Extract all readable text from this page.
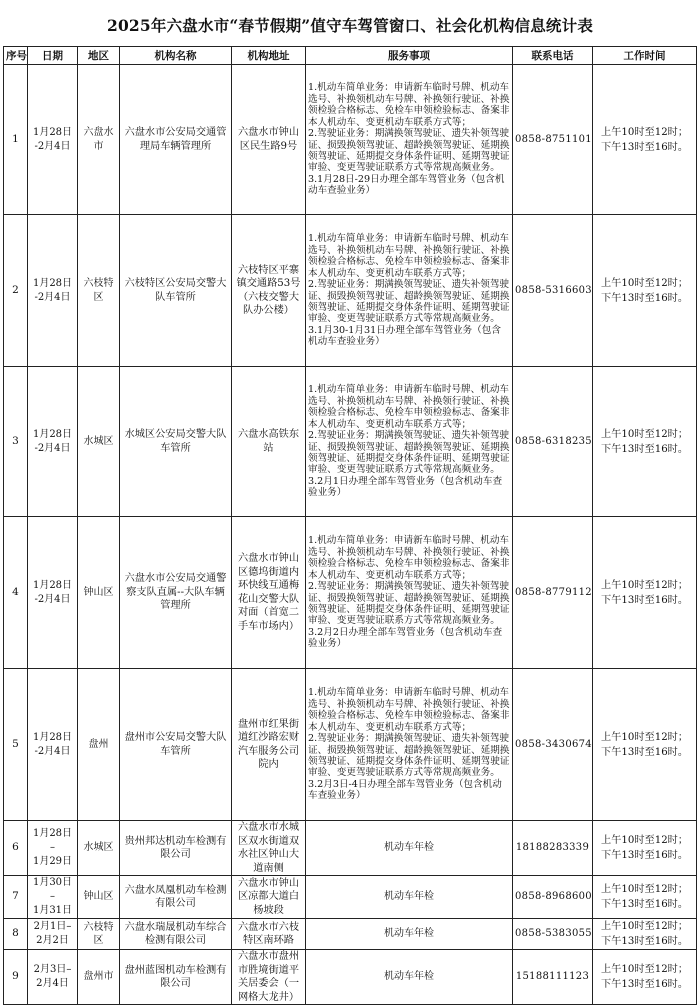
2025年六盘水市“春节假期”值守车驾管窗口、社会化机构信息统计表
序号	日期	地区	机构名称	机构地址	服务事项	联系电话	工作时间
1	1月28日
-2月4日	六盘水市	六盘水市公安局交通管理局车辆管理所	六盘水市钟山区民生路9号	1.机动车简单业务：申请新车临时号牌、机动车选号、补换领机动车号牌、补换领行驶证、补换领检验合格标志、免检车申领检验标志、备案非本人机动车、变更机动车联系方式等；
2.驾驶证业务：期满换领驾驶证、遗失补领驾驶证、损毁换领驾驶证、超龄换领驾驶证、延期换领驾驶证、延期提交身体条件证明、延期驾驶证审验、变更驾驶证联系方式等常规高频业务。
3.1月28日-29日办理全部车驾管业务（包含机动车查验业务）	0858-8751101	上午10时至12时；
下午13时至16时。

2	1月28日
-2月4日	六枝特区	六枝特区公安局交警大队车管所	六枝特区平寨镇交通路53号（六枝交警大队办公楼）	1.机动车简单业务：申请新车临时号牌、机动车选号、补换领机动车号牌、补换领行驶证、补换领检验合格标志、免检车申领检验标志、备案非本人机动车、变更机动车联系方式等；
2.驾驶证业务：期满换领驾驶证、遗失补领驾驶证、损毁换领驾驶证、超龄换领驾驶证、延期换领驾驶证、延期提交身体条件证明、延期驾驶证审验、变更驾驶证联系方式等常规高频业务。
3.1月30-1月31日办理全部车驾管业务（包含机动车查验业务）	0858-5316603	上午10时至12时；
下午13时至16时。

3	1月28日
-2月4日	水城区	水城区公安局交警大队车管所	六盘水高铁东站	1.机动车简单业务：申请新车临时号牌、机动车选号、补换领机动车号牌、补换领行驶证、补换领检验合格标志、免检车申领检验标志、备案非本人机动车、变更机动车联系方式等；
2.驾驶证业务：期满换领驾驶证、遗失补领驾驶证、损毁换领驾驶证、超龄换领驾驶证、延期换领驾驶证、延期提交身体条件证明、延期驾驶证审验、变更驾驶证联系方式等常规高频业务。
3.2月1日办理全部车驾管业务（包含机动车查验业务）	0858-6318235	上午10时至12时；
下午13时至16时。

4	1月28日
-2月4日	钟山区	六盘水市公安局交通警察支队直属--大队车辆管理所	六盘水市钟山区德坞街道内环快线互通梅花山交警大队对面（首宽二手车市场内）	1.机动车简单业务：申请新车临时号牌、机动车选号、补换领机动车号牌、补换领行驶证、补换领检验合格标志、免检车申领检验标志、备案非本人机动车、变更机动车联系方式等；
2.驾驶证业务：期满换领驾驶证、遗失补领驾驶证、损毁换领驾驶证、超龄换领驾驶证、延期换领驾驶证、延期提交身体条件证明、延期驾驶证审验、变更驾驶证联系方式等常规高频业务。
3.2月2日办理全部车驾管业务（包含机动车查验业务）	0858-8779112	上午10时至12时；
下午13时至16时。

5	1月28日
-2月4日	盘州	盘州市公安局交警大队车管所	盘州市红果街道红沙路宏财汽车服务公司院内	1.机动车简单业务：申请新车临时号牌、机动车选号、补换领机动车号牌、补换领行驶证、补换领检验合格标志、免检车申领检验标志、备案非本人机动车、变更机动车联系方式等；
2.驾驶证业务：期满换领驾驶证、遗失补领驾驶证、损毁换领驾驶证、超龄换领驾驶证、延期换领驾驶证、延期提交身体条件证明、延期驾驶证审验、变更驾驶证联系方式等常规高频业务。
3.2月3日-4日办理全部车驾管业务（包含机动车查验业务）	0858-3430674	上午10时至12时；
下午13时至16时。

6	1月28日
–
1月29日	水城区	贵州邦达机动车检测有限公司	六盘水市水城区双水街道双水社区钟山大道南侧	机动车年检	18188283339	上午10时至12时；
下午13时至16时。

7	1月30日
–
1月31日	钟山区	六盘水凤凰机动车检测有限公司	六盘水市钟山区凉都大道白杨坡段	机动车年检	0858-8968600	上午10时至12时；
下午13时至16时。

8	2月1日–
2月2日	六枝特区	六盘水瑞晟机动车综合检测有限公司	六盘水市六枝特区南环路	机动车年检	0858-5383055	上午10时至12时；
下午13时至16时。

9	2月3日–
2月4日	盘州市	盘州蓝图机动车检测有限公司	六盘水市盘州市胜境街道平关居委会（一网格大龙井）	机动车年检	15188111123	上午10时至12时；
下午13时至16时。
